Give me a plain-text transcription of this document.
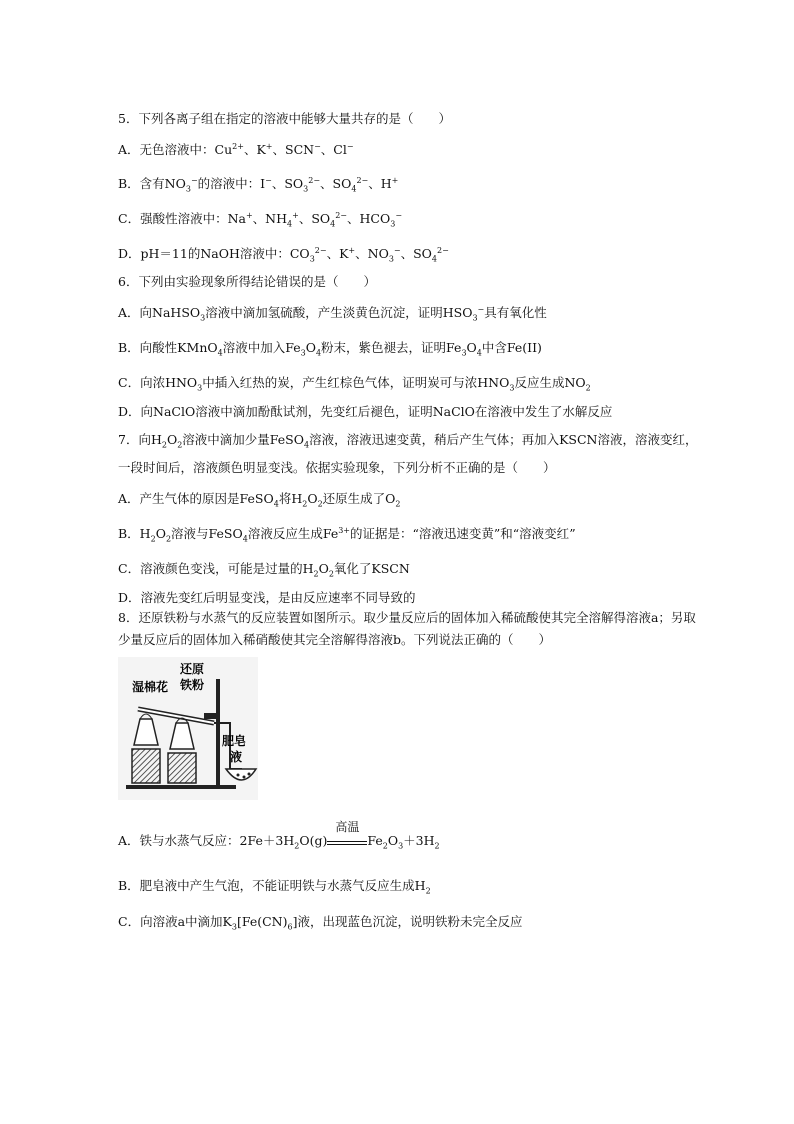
5．下列各离子组在指定的溶液中能够大量共存的是（　　）
A．无色溶液中：$Cu^{2+}$、K+、SCN−、Cl−
B．含有$NO_3^-$的溶液中：I−、$SO_3^{2-}$、$SO_4^{2-}$、H+
C．强酸性溶液中：Na+、$NH_4^+$、$SO_4^{2-}$、$HCO_3^-$
D．pH＝11的NaOH溶液中：$CO_3^{2-}$、K+、$NO_3^-$、$SO_4^{2-}$
6．下列由实验现象所得结论错误的是（　　）
A．向NaHSO$_3$溶液中滴加氢硫酸，产生淡黄色沉淀，证明$HSO_3^-$具有氧化性
B．向酸性KMnO$_4$溶液中加入$Fe_3O_4$粉末，紫色褪去，证明$Fe_3O_4$中含Fe(II)
C．向浓$HNO_3$中插入红热的炭，产生红棕色气体，证明炭可与浓$HNO_3$反应生成$NO_2$
D．向NaClO溶液中滴加酚酞试剂，先变红后褪色，证明NaClO在溶液中发生了水解反应
7．向$H_2O_2$溶液中滴加少量FeSO$_4$溶液，溶液迅速变黄，稍后产生气体；再加入KSCN溶液，溶液变红，
一段时间后，溶液颜色明显变浅。依据实验现象，下列分析不正确的是（　　）
A．产生气体的原因是FeSO$_4$将$H_2O_2$还原生成了$O_2$
B．$H_2O_2$溶液与FeSO$_4$溶液反应生成$Fe^{3+}$的证据是：“溶液迅速变黄”和“溶液变红”
C．溶液颜色变浅，可能是过量的$H_2O_2$氧化了KSCN
D．溶液先变红后明显变浅，是由反应速率不同导致的
8．还原铁粉与水蒸气的反应装置如图所示。取少量反应后的固体加入稀硫酸使其完全溶解得溶液a；另取
少量反应后的固体加入稀硝酸使其完全溶解得溶液b。下列说法正确的（　　）
湿棉花
还原
铁粉
肥皂
液
A．铁与水蒸气反应：$2Fe+3H_2O(g)$
高温
$Fe_2O_3+3H_2$
B．肥皂液中产生气泡，不能证明铁与水蒸气反应生成$H_2$
C．向溶液a中滴加$K_3[Fe(CN)_6]$液，出现蓝色沉淀，说明铁粉未完全反应
